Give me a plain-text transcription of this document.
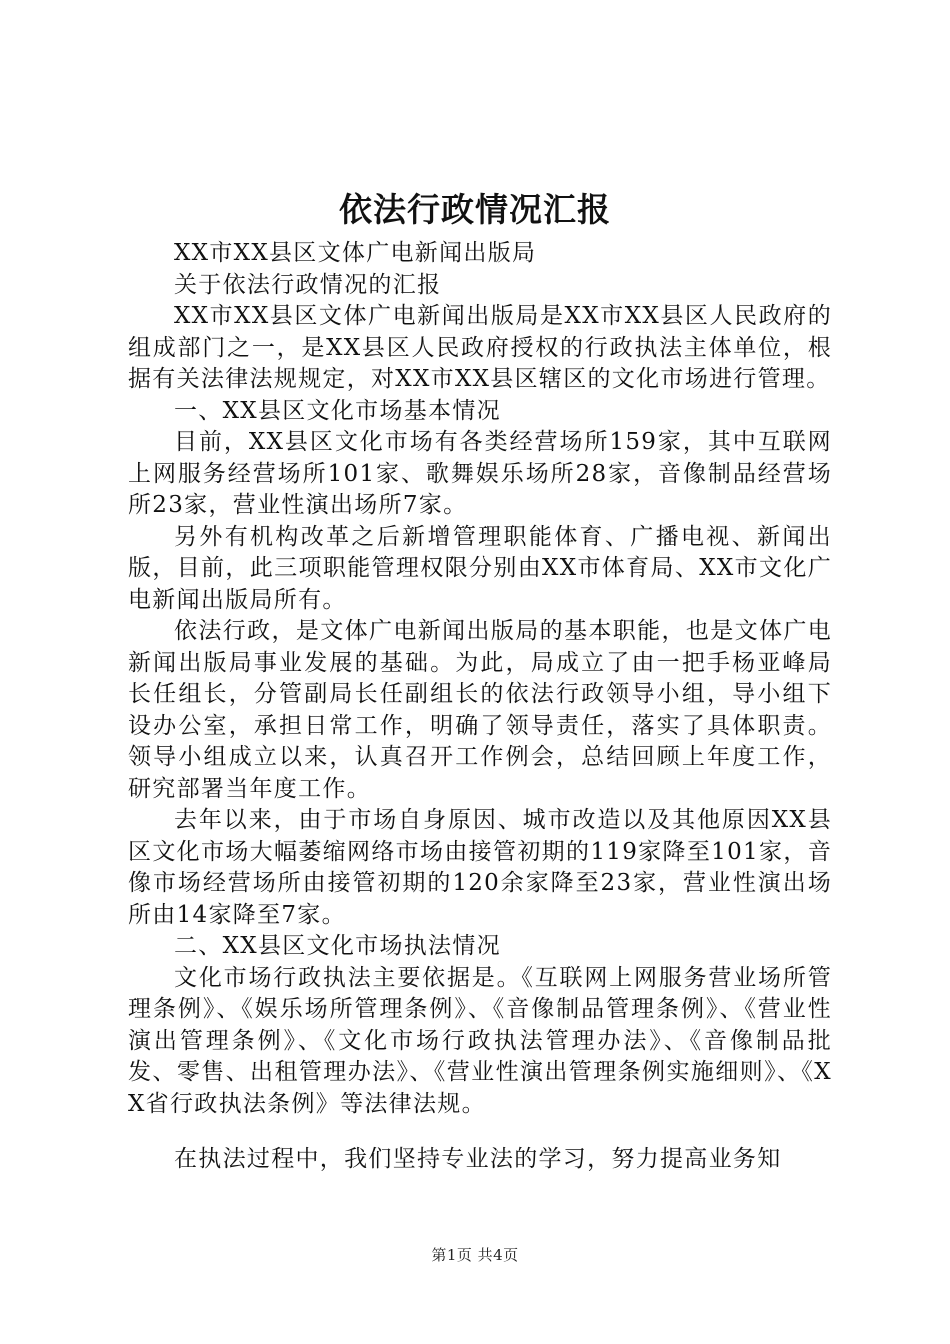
依法行政情况汇报

XX市XX县区文体广电新闻出版局

关于依法行政情况的汇报

XX市XX县区文体广电新闻出版局是XX市XX县区人民政府的组成部门之一，是XX县区人民政府授权的行政执法主体单位，根据有关法律法规规定，对XX市XX县区辖区的文化市场进行管理。

一、XX县区文化市场基本情况

目前，XX县区文化市场有各类经营场所159家，其中互联网上网服务经营场所101家、歌舞娱乐场所28家，音像制品经营场所23家，营业性演出场所7家。

另外有机构改革之后新增管理职能体育、广播电视、新闻出版，目前，此三项职能管理权限分别由XX市体育局、XX市文化广电新闻出版局所有。

依法行政，是文体广电新闻出版局的基本职能，也是文体广电新闻出版局事业发展的基础。为此，局成立了由一把手杨亚峰局长任组长，分管副局长任副组长的依法行政领导小组，导小组下设办公室，承担日常工作，明确了领导责任，落实了具体职责。领导小组成立以来，认真召开工作例会，总结回顾上年度工作，研究部署当年度工作。

去年以来，由于市场自身原因、城市改造以及其他原因XX县区文化市场大幅萎缩网络市场由接管初期的119家降至101家，音像市场经营场所由接管初期的120余家降至23家，营业性演出场所由14家降至7家。

二、XX县区文化市场执法情况

文化市场行政执法主要依据是。《互联网上网服务营业场所管理条例》、《娱乐场所管理条例》、《音像制品管理条例》、《营业性演出管理条例》、《文化市场行政执法管理办法》、《音像制品批发、零售、出租管理办法》、《营业性演出管理条例实施细则》、《XX省行政执法条例》等法律法规。

在执法过程中，我们坚持专业法的学习，努力提高业务知

第1页 共4页
